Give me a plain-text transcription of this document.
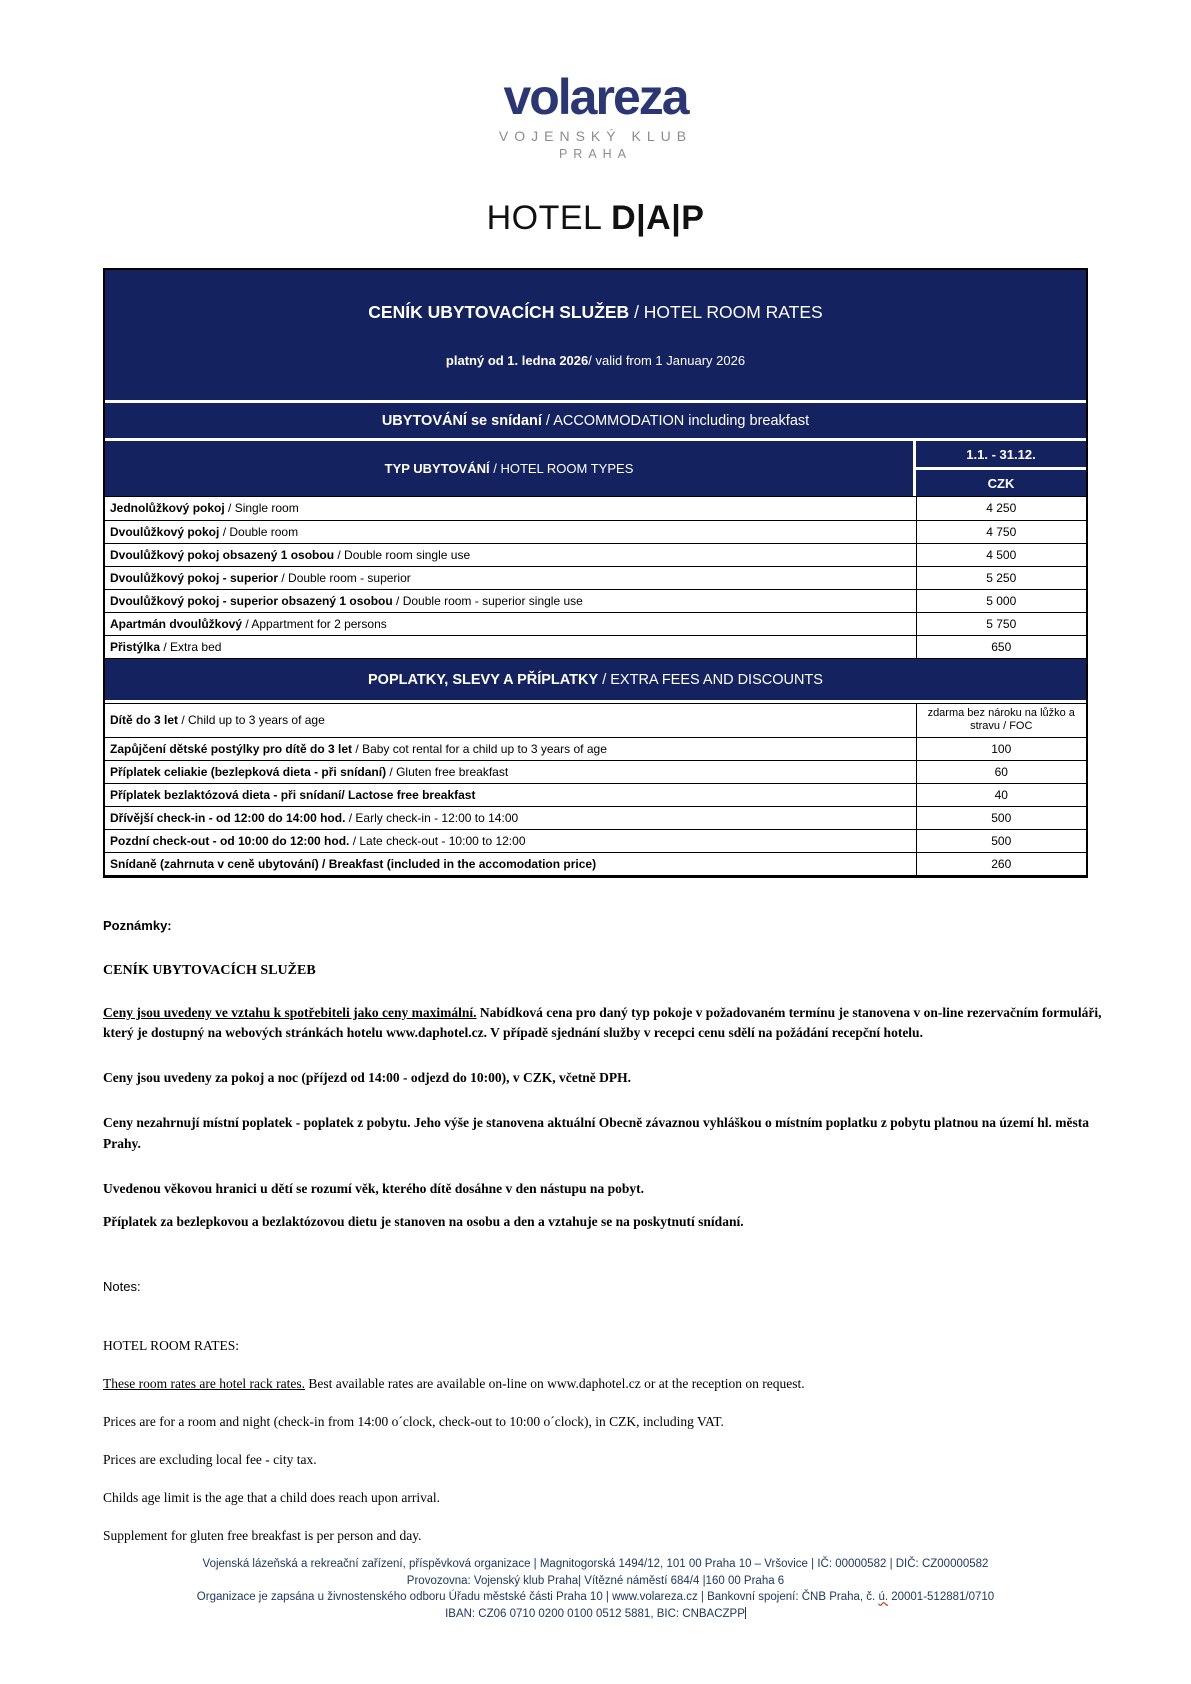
volareza
VOJENSKÝ KLUB
PRAHA
HOTEL D|A|P
CENÍK UBYTOVACÍCH SLUŽEB / HOTEL ROOM RATES
platný od 1. ledna 2026/ valid from 1 January 2026
UBYTOVÁNÍ se snídaní / ACCOMMODATION including breakfast
TYP UBYTOVÁNÍ / HOTEL ROOM TYPES
1.1. - 31.12.
CZK
Jednolůžkový pokoj / Single room	4 250
Dvoulůžkový pokoj / Double room	4 750
Dvoulůžkový pokoj obsazený 1 osobou / Double room single use	4 500
Dvoulůžkový pokoj - superior / Double room - superior	5 250
Dvoulůžkový pokoj - superior obsazený 1 osobou / Double room - superior single use	5 000
Apartmán dvoulůžkový / Appartment for 2 persons	5 750
Přistýlka / Extra bed	650
POPLATKY, SLEVY A PŘÍPLATKY / EXTRA FEES AND DISCOUNTS
Dítě do 3 let / Child up to 3 years of age	zdarma bez nároku na lůžko a stravu / FOC
Zapůjčení dětské postýlky pro dítě do 3 let / Baby cot rental for a child up to 3 years of age	100
Příplatek celiakie (bezlepková dieta - při snídaní) / Gluten free breakfast	60
Příplatek bezlaktózová dieta - při snídaní/ Lactose free breakfast	40
Dřívější check-in - od 12:00 do 14:00 hod. / Early check-in - 12:00 to 14:00	500
Pozdní check-out - od 10:00 do 12:00 hod. / Late check-out - 10:00 to 12:00	500
Snídaně (zahrnuta v ceně ubytování) / Breakfast (included in the accomodation price)	260
Poznámky:
CENÍK UBYTOVACÍCH SLUŽEB

Ceny jsou uvedeny ve vztahu k spotřebiteli jako ceny maximální. Nabídková cena pro daný typ pokoje v požadovaném termínu je stanovena v on-line rezervačním formuláři, který je dostupný na webových stránkách hotelu www.daphotel.cz. V případě sjednání služby v recepci cenu sdělí na požádání recepční hotelu.

Ceny jsou uvedeny za pokoj a noc (příjezd od 14:00 - odjezd do 10:00), v CZK, včetně DPH.

Ceny nezahrnují místní poplatek - poplatek z pobytu. Jeho výše je stanovena aktuální Obecně závaznou vyhláškou o místním poplatku z pobytu platnou na území hl. města Prahy.

Uvedenou věkovou hranici u dětí se rozumí věk, kterého dítě dosáhne v den nástupu na pobyt.

Příplatek za bezlepkovou a bezlaktózovou dietu je stanoven na osobu a den a vztahuje se na poskytnutí snídaní.

Notes:
HOTEL ROOM RATES:

These room rates are hotel rack rates. Best available rates are available on-line on www.daphotel.cz or at the reception on request.

Prices are for a room and night (check-in from 14:00 o´clock, check-out to 10:00 o´clock), in CZK, including VAT.

Prices are excluding local fee - city tax.

Childs age limit is the age that a child does reach upon arrival.

Supplement for gluten free breakfast is per person and day.

Vojenská lázeňská a rekreační zařízení, příspěvková organizace | Magnitogorská 1494/12, 101 00 Praha 10 – Vršovice | IČ: 00000582 | DIČ: CZ00000582
Provozovna: Vojenský klub Praha| Vítězné náměstí 684/4 |160 00 Praha 6
Organizace je zapsána u živnostenského odboru Úřadu městské části Praha 10 | www.volareza.cz | Bankovní spojení: ČNB Praha, č. ú. 20001-512881/0710
IBAN: CZ06 0710 0200 0100 0512 5881, BIC: CNBACZPP
